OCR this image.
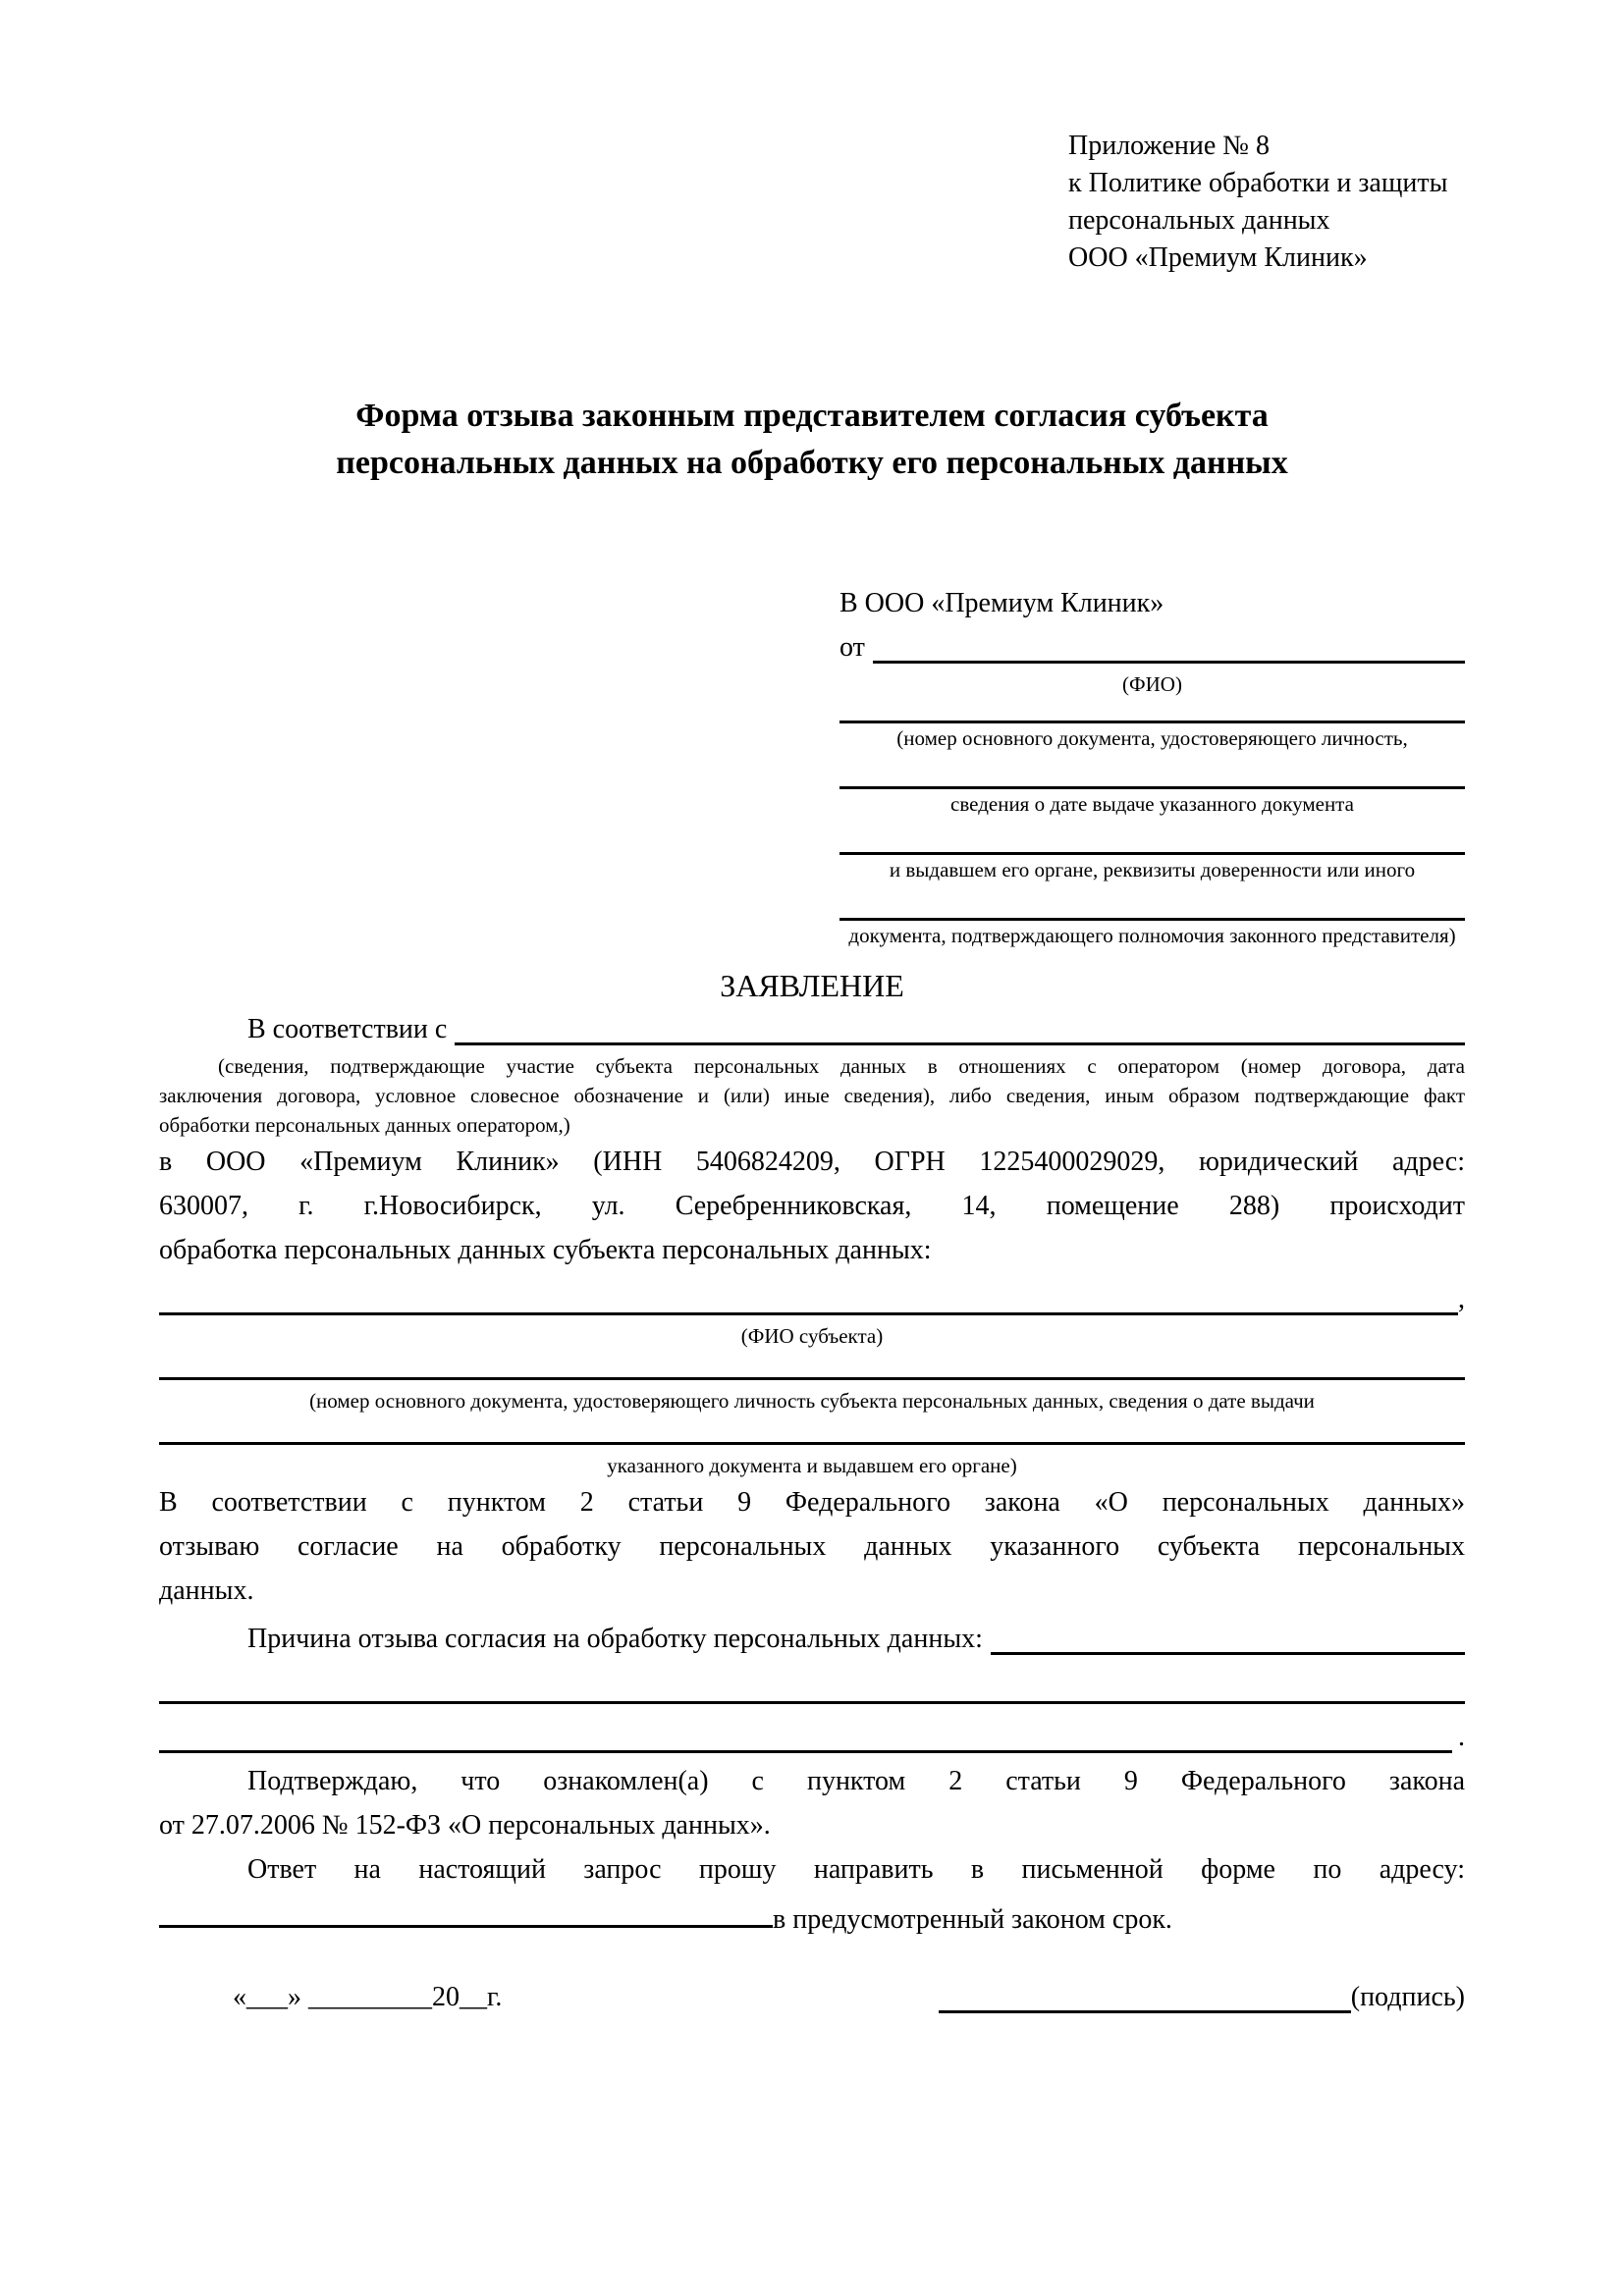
Приложение № 8
к Политике обработки и защиты
персональных данных
ООО «Премиум Клиник»
Форма отзыва законным представителем согласия субъекта персональных данных на обработку его персональных данных
В ООО «Премиум Клиник»
от
(ФИО)
(номер основного документа, удостоверяющего личность,
сведения о дате выдаче указанного документа
и выдавшем его органе, реквизиты доверенности или иного
документа, подтверждающего полномочия законного представителя)
ЗАЯВЛЕНИЕ
В соответствии с
(сведения, подтверждающие участие субъекта персональных данных в отношениях с оператором (номер договора, дата
заключения договора, условное словесное обозначение и (или) иные сведения), либо сведения, иным образом подтверждающие факт
обработки персональных данных оператором,)
в ООО «Премиум Клиник» (ИНН 5406824209, ОГРН 1225400029029, юридический адрес:
630007, г. г.Новосибирск, ул. Серебренниковская, 14, помещение 288) происходит
обработка персональных данных субъекта персональных данных:
,
(ФИО субъекта)
(номер основного документа, удостоверяющего личность субъекта персональных данных, сведения о дате выдачи
указанного документа и выдавшем его органе)
В соответствии с пунктом 2 статьи 9 Федерального закона «О персональных данных»
отзываю согласие на обработку персональных данных указанного субъекта персональных
данных.
Причина отзыва согласия на обработку персональных данных:
.
Подтверждаю, что ознакомлен(а) с пунктом 2 статьи 9 Федерального закона
от 27.07.2006 № 152-ФЗ «О персональных данных».
Ответ на настоящий запрос прошу направить в письменной форме по адресу:
в предусмотренный законом срок.
«___» _________20__г.	(подпись)
